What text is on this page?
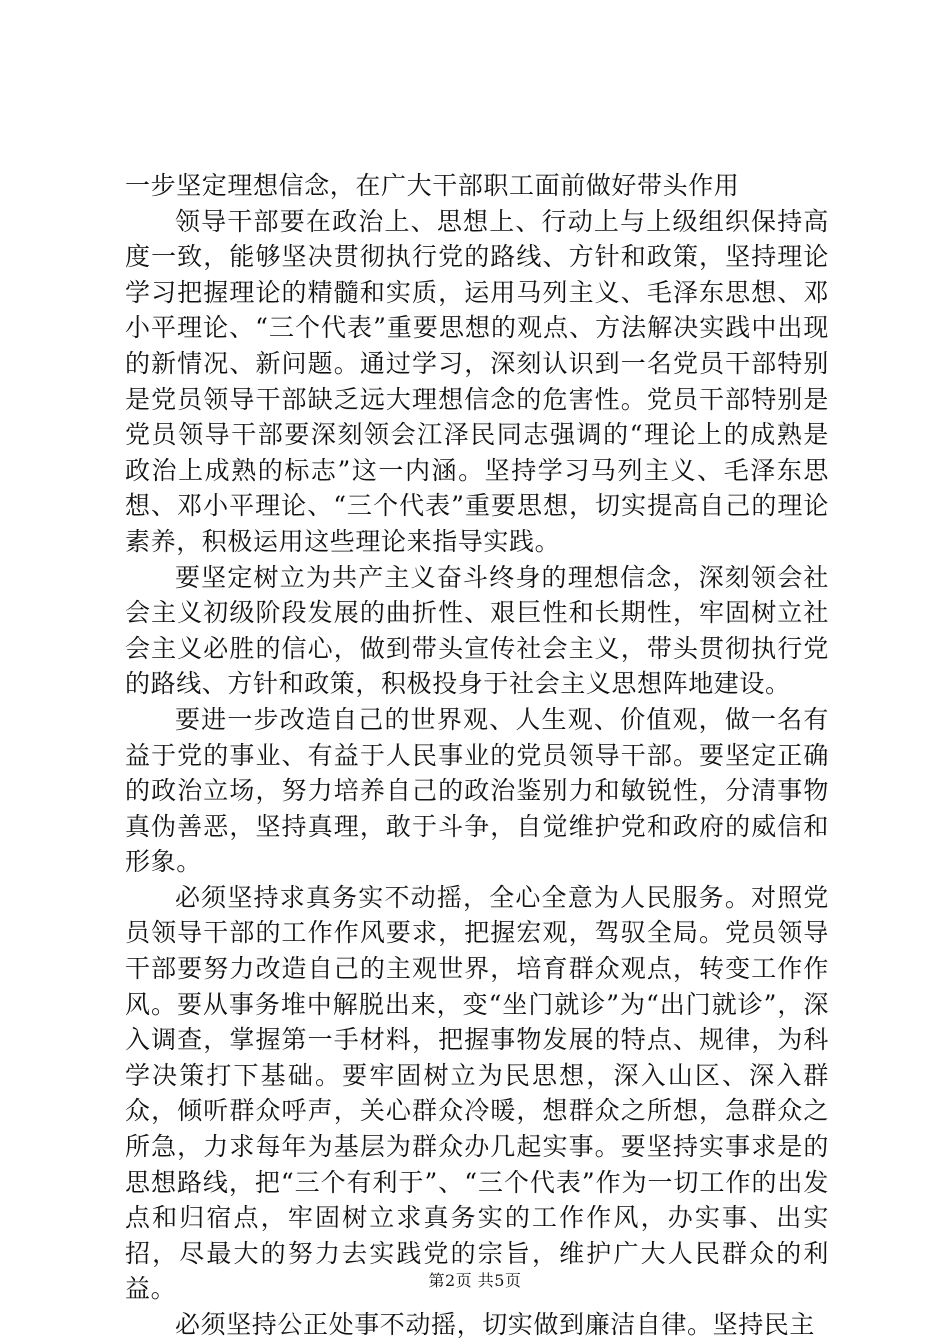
一步坚定理想信念，在广大干部职工面前做好带头作用

领导干部要在政治上、思想上、行动上与上级组织保持高度一致，能够坚决贯彻执行党的路线、方针和政策，坚持理论学习把握理论的精髓和实质，运用马列主义、毛泽东思想、邓小平理论、“三个代表”重要思想的观点、方法解决实践中出现的新情况、新问题。通过学习，深刻认识到一名党员干部特别是党员领导干部缺乏远大理想信念的危害性。党员干部特别是党员领导干部要深刻领会江泽民同志强调的“理论上的成熟是政治上成熟的标志”这一内涵。坚持学习马列主义、毛泽东思想、邓小平理论、“三个代表”重要思想，切实提高自己的理论素养，积极运用这些理论来指导实践。

要坚定树立为共产主义奋斗终身的理想信念，深刻领会社会主义初级阶段发展的曲折性、艰巨性和长期性，牢固树立社会主义必胜的信心，做到带头宣传社会主义，带头贯彻执行党的路线、方针和政策，积极投身于社会主义思想阵地建设。

要进一步改造自己的世界观、人生观、价值观，做一名有益于党的事业、有益于人民事业的党员领导干部。要坚定正确的政治立场，努力培养自己的政治鉴别力和敏锐性，分清事物真伪善恶，坚持真理，敢于斗争，自觉维护党和政府的威信和形象。

必须坚持求真务实不动摇，全心全意为人民服务。对照党员领导干部的工作作风要求，把握宏观，驾驭全局。党员领导干部要努力改造自己的主观世界，培育群众观点，转变工作作风。要从事务堆中解脱出来，变“坐门就诊”为“出门就诊”，深入调查，掌握第一手材料，把握事物发展的特点、规律，为科学决策打下基础。要牢固树立为民思想，深入山区、深入群众，倾听群众呼声，关心群众冷暖，想群众之所想，急群众之所急，力求每年为基层为群众办几起实事。要坚持实事求是的思想路线，把“三个有利于”、“三个代表”作为一切工作的出发点和归宿点，牢固树立求真务实的工作作风，办实事、出实招，尽最大的努力去实践党的宗旨，维护广大人民群众的利益。

必须坚持公正处事不动摇，切实做到廉洁自律。坚持民主

第2页 共5页
